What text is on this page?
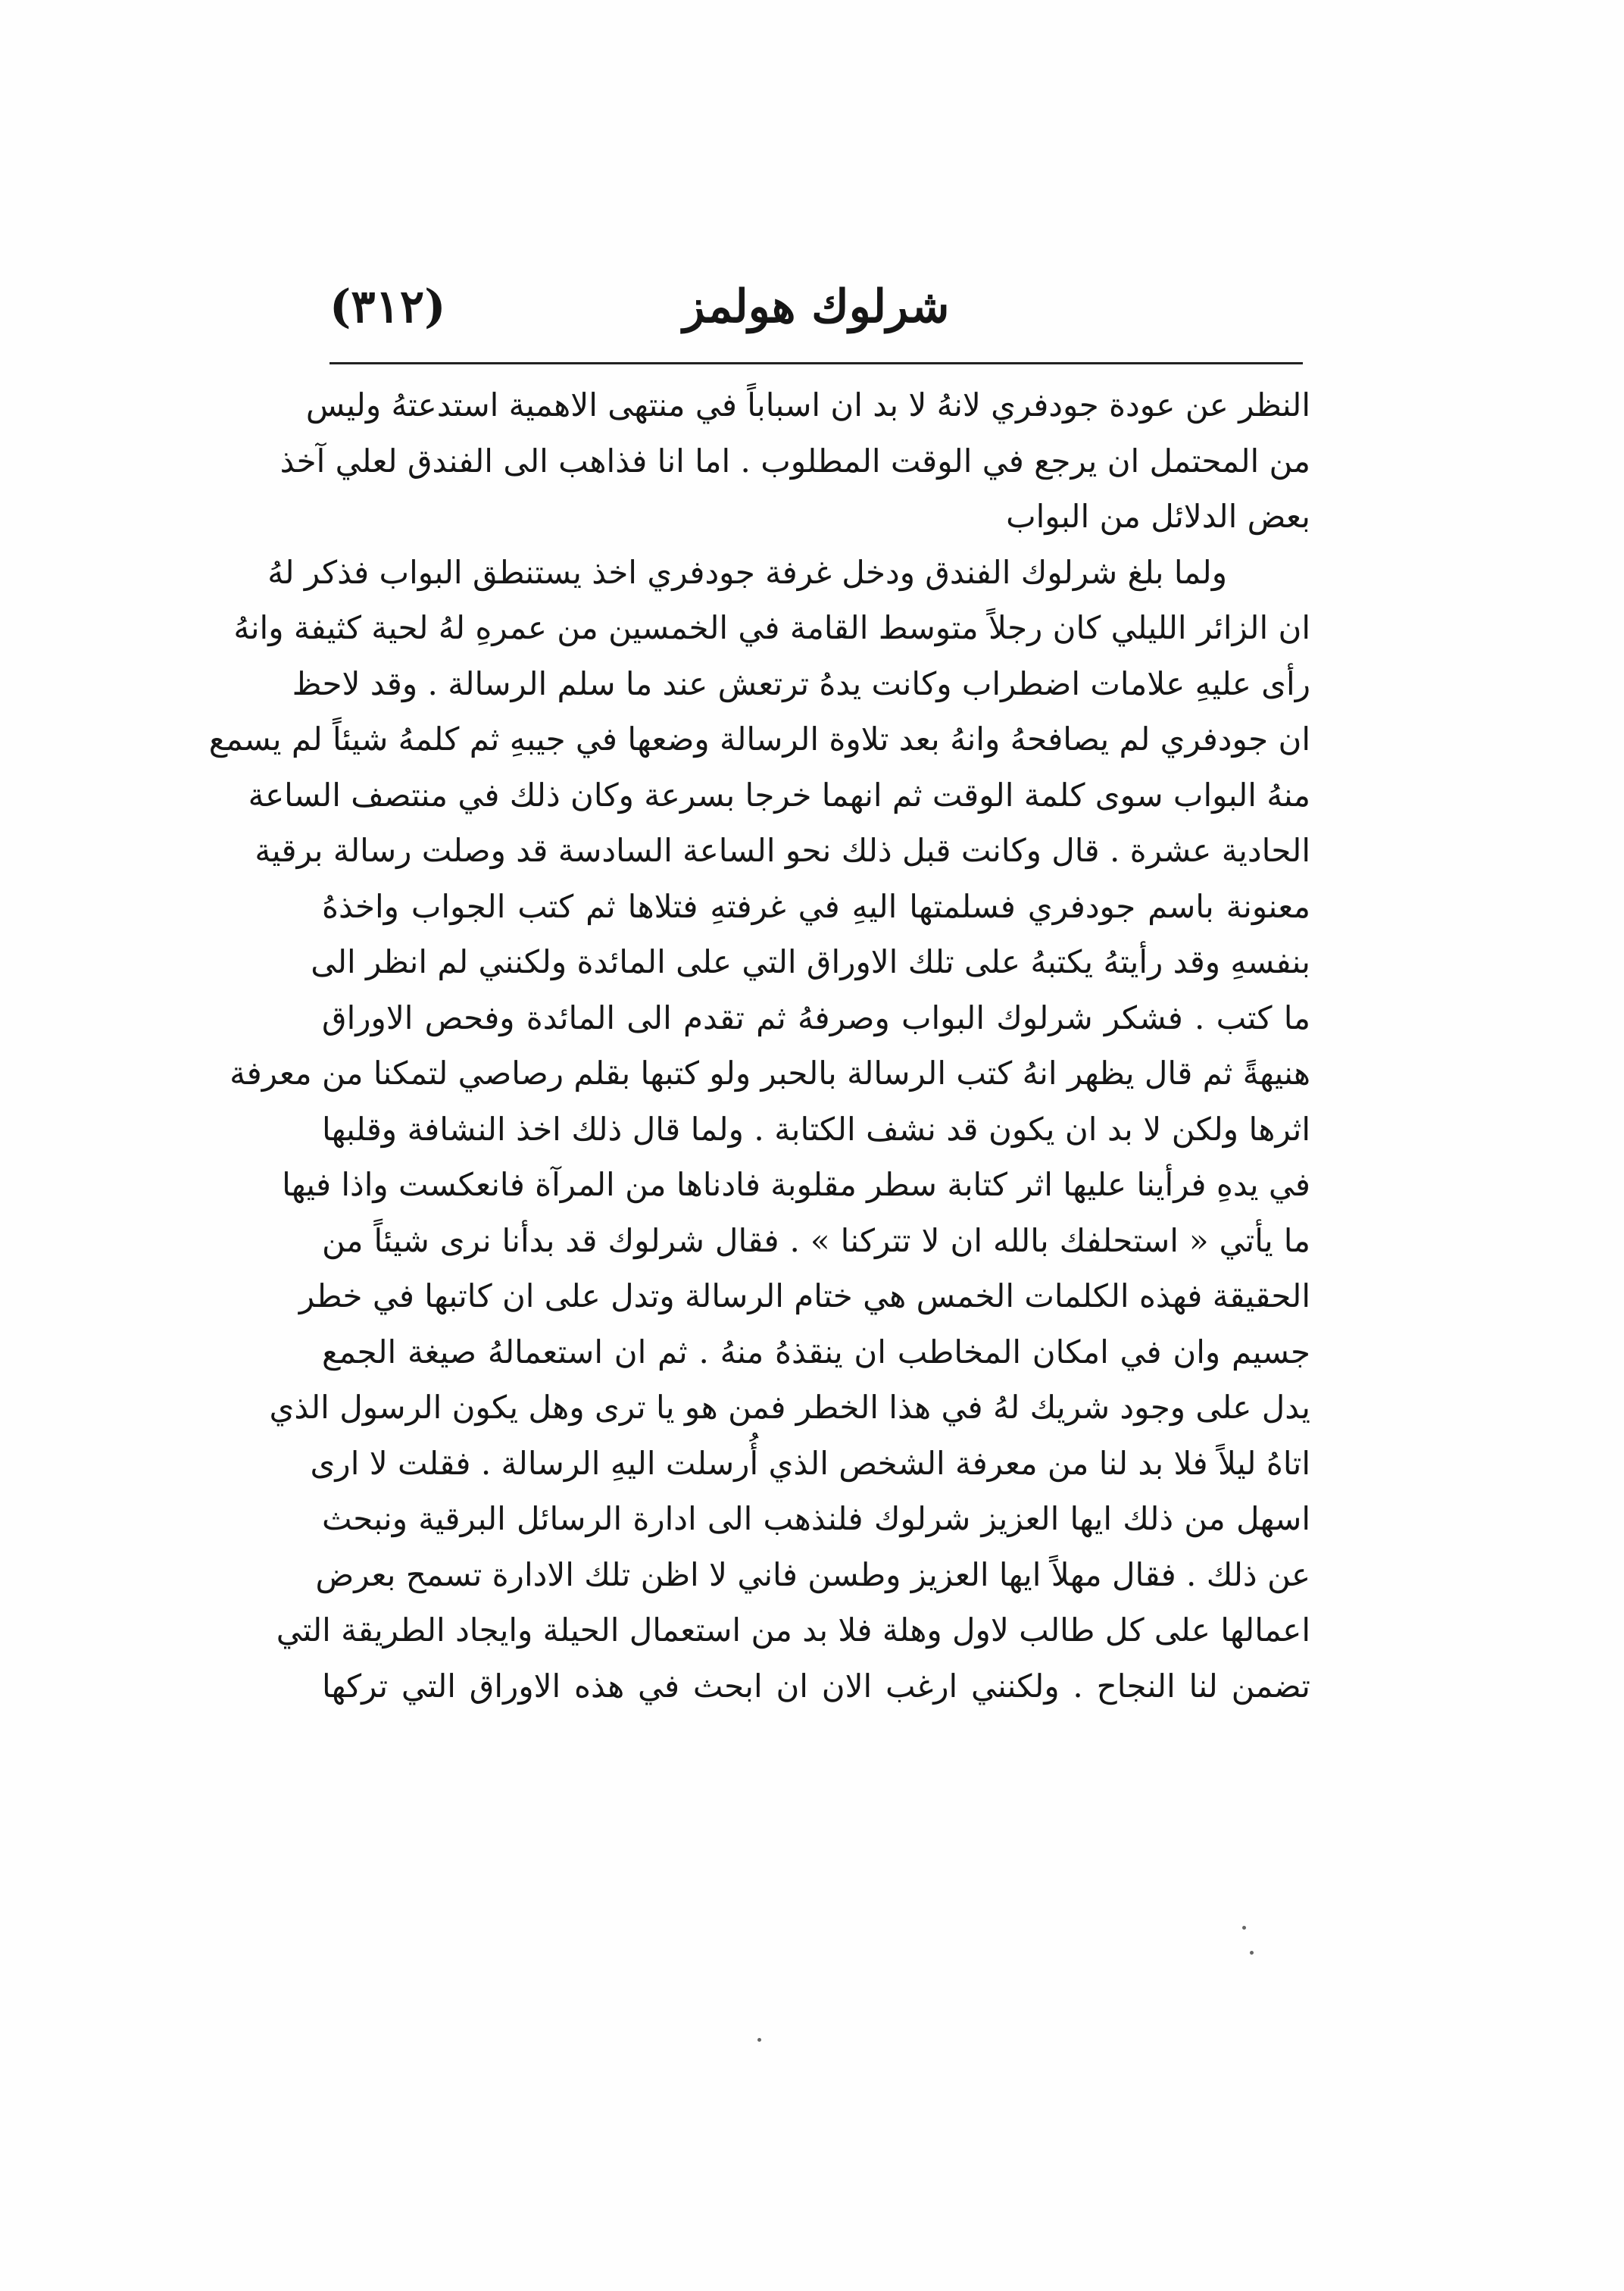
(٣١٢)	شرلوك هولمز
النظر عن عودة جودفري لانهُ لا بد ان اسباباً في منتهى الاهمية استدعتهُ وليس
من المحتمل ان يرجع في الوقت المطلوب . اما انا فذاهب الى الفندق لعلي آخذ
بعض الدلائل من البواب
ولما بلغ شرلوك الفندق ودخل غرفة جودفري اخذ يستنطق البواب فذكر لهُ
ان الزائر الليلي كان رجلاً متوسط القامة في الخمسين من عمرهِ لهُ لحية كثيفة وانهُ
رأى عليهِ علامات اضطراب وكانت يدهُ ترتعش عند ما سلم الرسالة . وقد لاحظ
ان جودفري لم يصافحهُ وانهُ بعد تلاوة الرسالة وضعها في جيبهِ ثم كلمهُ شيئاً لم يسمع
منهُ البواب سوى كلمة الوقت ثم انهما خرجا بسرعة وكان ذلك في منتصف الساعة
الحادية عشرة . قال وكانت قبل ذلك نحو الساعة السادسة قد وصلت رسالة برقية
معنونة باسم جودفري فسلمتها اليهِ في غرفتهِ فتلاها ثم كتب الجواب واخذهُ
بنفسهِ وقد رأيتهُ يكتبهُ على تلك الاوراق التي على المائدة ولكنني لم انظر الى
ما كتب . فشكر شرلوك البواب وصرفهُ ثم تقدم الى المائدة وفحص الاوراق
هنيهةً ثم قال يظهر انهُ كتب الرسالة بالحبر ولو كتبها بقلم رصاصي لتمكنا من معرفة
اثرها ولكن لا بد ان يكون قد نشف الكتابة . ولما قال ذلك اخذ النشافة وقلبها
في يدهِ فرأينا عليها اثر كتابة سطر مقلوبة فادناها من المرآة فانعكست واذا فيها
ما يأتي « استحلفك بالله ان لا تتركنا » . فقال شرلوك قد بدأنا نرى شيئاً من
الحقيقة فهذه الكلمات الخمس هي ختام الرسالة وتدل على ان كاتبها في خطر
جسيم وان في امكان المخاطب ان ينقذهُ منهُ . ثم ان استعمالهُ صيغة الجمع
يدل على وجود شريك لهُ في هذا الخطر فمن هو يا ترى وهل يكون الرسول الذي
اتاهُ ليلاً فلا بد لنا من معرفة الشخص الذي أُرسلت اليهِ الرسالة . فقلت لا ارى
اسهل من ذلك ايها العزيز شرلوك فلنذهب الى ادارة الرسائل البرقية ونبحث
عن ذلك . فقال مهلاً ايها العزيز وطسن فاني لا اظن تلك الادارة تسمح بعرض
اعمالها على كل طالب لاول وهلة فلا بد من استعمال الحيلة وايجاد الطريقة التي
تضمن لنا النجاح . ولكنني ارغب الان ان ابحث في هذه الاوراق التي تركها
